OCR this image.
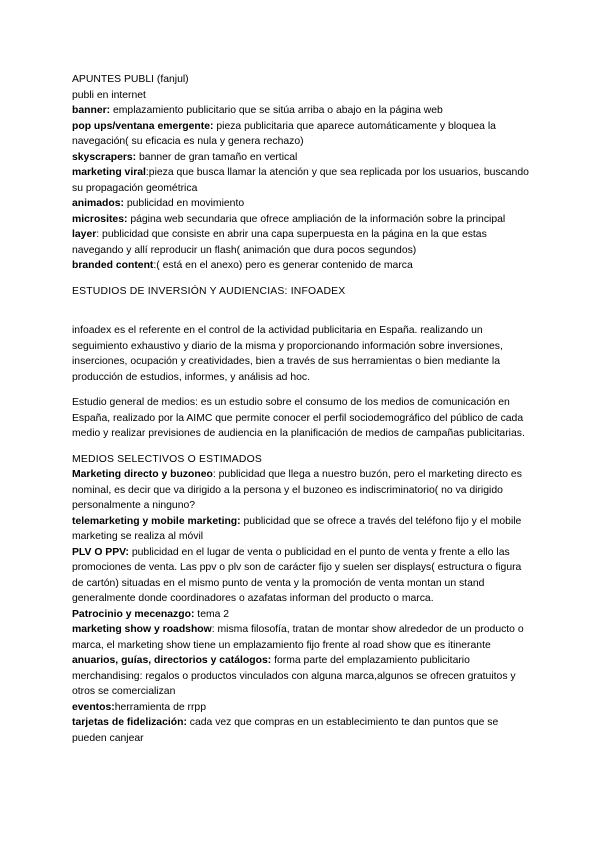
APUNTES PUBLI (fanjul)

publi en internet

banner: emplazamiento publicitario que se sitúa arriba o abajo en la página web

pop ups/ventana emergente: pieza publicitaria que aparece automáticamente y bloquea la navegación( su eficacia es nula y genera rechazo)

skyscrapers: banner de gran tamaño en vertical

marketing viral:pieza que busca llamar la atención y que sea replicada por los usuarios, buscando su propagación geométrica

animados: publicidad en movimiento

microsites: página web secundaria que ofrece ampliación de la información sobre la principal

layer: publicidad que consiste en abrir una capa superpuesta en la página en la que estas navegando y allí reproducir un flash( animación que dura pocos segundos)

branded content:( está en el anexo) pero es generar contenido de marca

ESTUDIOS DE INVERSIÓN Y AUDIENCIAS: INFOADEX

infoadex es el referente en el control de la actividad publicitaria en España. realizando un seguimiento exhaustivo y diario de la misma y proporcionando información sobre inversiones, inserciones, ocupación y creatividades, bien a través de sus herramientas o bien mediante la producción de estudios, informes, y análisis ad hoc.

Estudio general de medios: es un estudio sobre el consumo de los medios de comunicación en España, realizado por la AIMC que permite conocer el perfil sociodemográfico del público de cada medio y realizar previsiones de audiencia en la planificación de medios de campañas publicitarias.

MEDIOS SELECTIVOS O ESTIMADOS

Marketing directo y buzoneo: publicidad que llega a nuestro buzón, pero el marketing directo es nominal, es decir que va dirigido a la persona y el buzoneo es indiscriminatorio( no va dirigido personalmente a ninguno?

telemarketing y mobile marketing: publicidad que se ofrece a través del teléfono fijo y el mobile marketing se realiza al móvil

PLV O PPV: publicidad en el lugar de venta o publicidad en el punto de venta y frente a ello las promociones de venta. Las ppv o plv son de carácter fijo y suelen ser displays( estructura o figura de cartón) situadas en el mismo punto de venta y la promoción de venta montan un stand generalmente donde coordinadores o azafatas informan del producto o marca.

Patrocinio y mecenazgo: tema 2

marketing show y roadshow: misma filosofía, tratan de montar show alrededor de un producto o marca, el marketing show tiene un emplazamiento fijo frente al road show que es itinerante

anuarios, guías, directorios y catálogos: forma parte del emplazamiento publicitario merchandising: regalos o productos vinculados con alguna marca,algunos se ofrecen gratuitos y otros se comercializan

eventos:herramienta de rrpp

tarjetas de fidelización: cada vez que compras en un establecimiento te dan puntos que se pueden canjear
